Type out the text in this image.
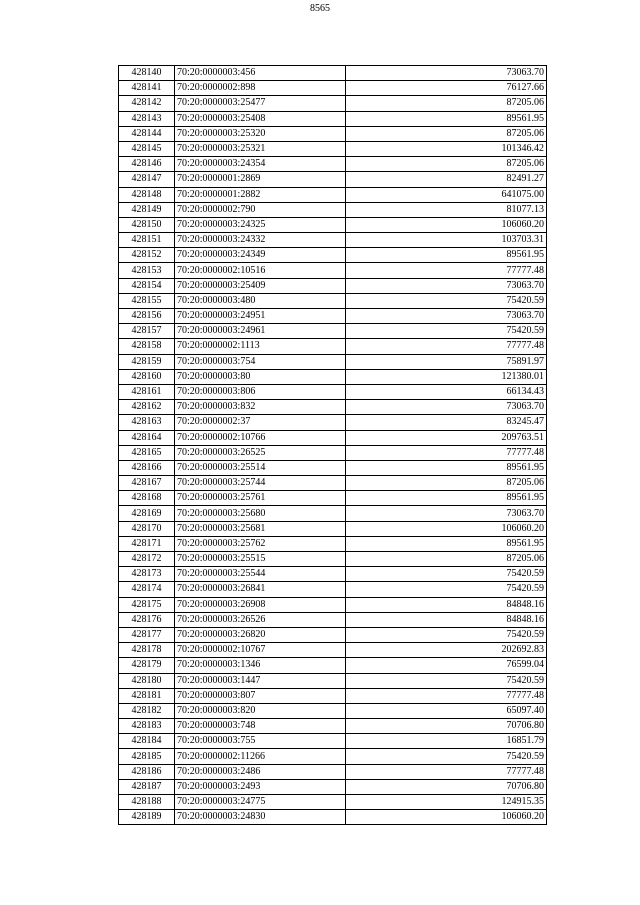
8565
428140	70:20:0000003:456	73063.70
428141	70:20:0000002:898	76127.66
428142	70:20:0000003:25477	87205.06
428143	70:20:0000003:25408	89561.95
428144	70:20:0000003:25320	87205.06
428145	70:20:0000003:25321	101346.42
428146	70:20:0000003:24354	87205.06
428147	70:20:0000001:2869	82491.27
428148	70:20:0000001:2882	641075.00
428149	70:20:0000002:790	81077.13
428150	70:20:0000003:24325	106060.20
428151	70:20:0000003:24332	103703.31
428152	70:20:0000003:24349	89561.95
428153	70:20:0000002:10516	77777.48
428154	70:20:0000003:25409	73063.70
428155	70:20:0000003:480	75420.59
428156	70:20:0000003:24951	73063.70
428157	70:20:0000003:24961	75420.59
428158	70:20:0000002:1113	77777.48
428159	70:20:0000003:754	75891.97
428160	70:20:0000003:80	121380.01
428161	70:20:0000003:806	66134.43
428162	70:20:0000003:832	73063.70
428163	70:20:0000002:37	83245.47
428164	70:20:0000002:10766	209763.51
428165	70:20:0000003:26525	77777.48
428166	70:20:0000003:25514	89561.95
428167	70:20:0000003:25744	87205.06
428168	70:20:0000003:25761	89561.95
428169	70:20:0000003:25680	73063.70
428170	70:20:0000003:25681	106060.20
428171	70:20:0000003:25762	89561.95
428172	70:20:0000003:25515	87205.06
428173	70:20:0000003:25544	75420.59
428174	70:20:0000003:26841	75420.59
428175	70:20:0000003:26908	84848.16
428176	70:20:0000003:26526	84848.16
428177	70:20:0000003:26820	75420.59
428178	70:20:0000002:10767	202692.83
428179	70:20:0000003:1346	76599.04
428180	70:20:0000003:1447	75420.59
428181	70:20:0000003:807	77777.48
428182	70:20:0000003:820	65097.40
428183	70:20:0000003:748	70706.80
428184	70:20:0000003:755	16851.79
428185	70:20:0000002:11266	75420.59
428186	70:20:0000003:2486	77777.48
428187	70:20:0000003:2493	70706.80
428188	70:20:0000003:24775	124915.35
428189	70:20:0000003:24830	106060.20
